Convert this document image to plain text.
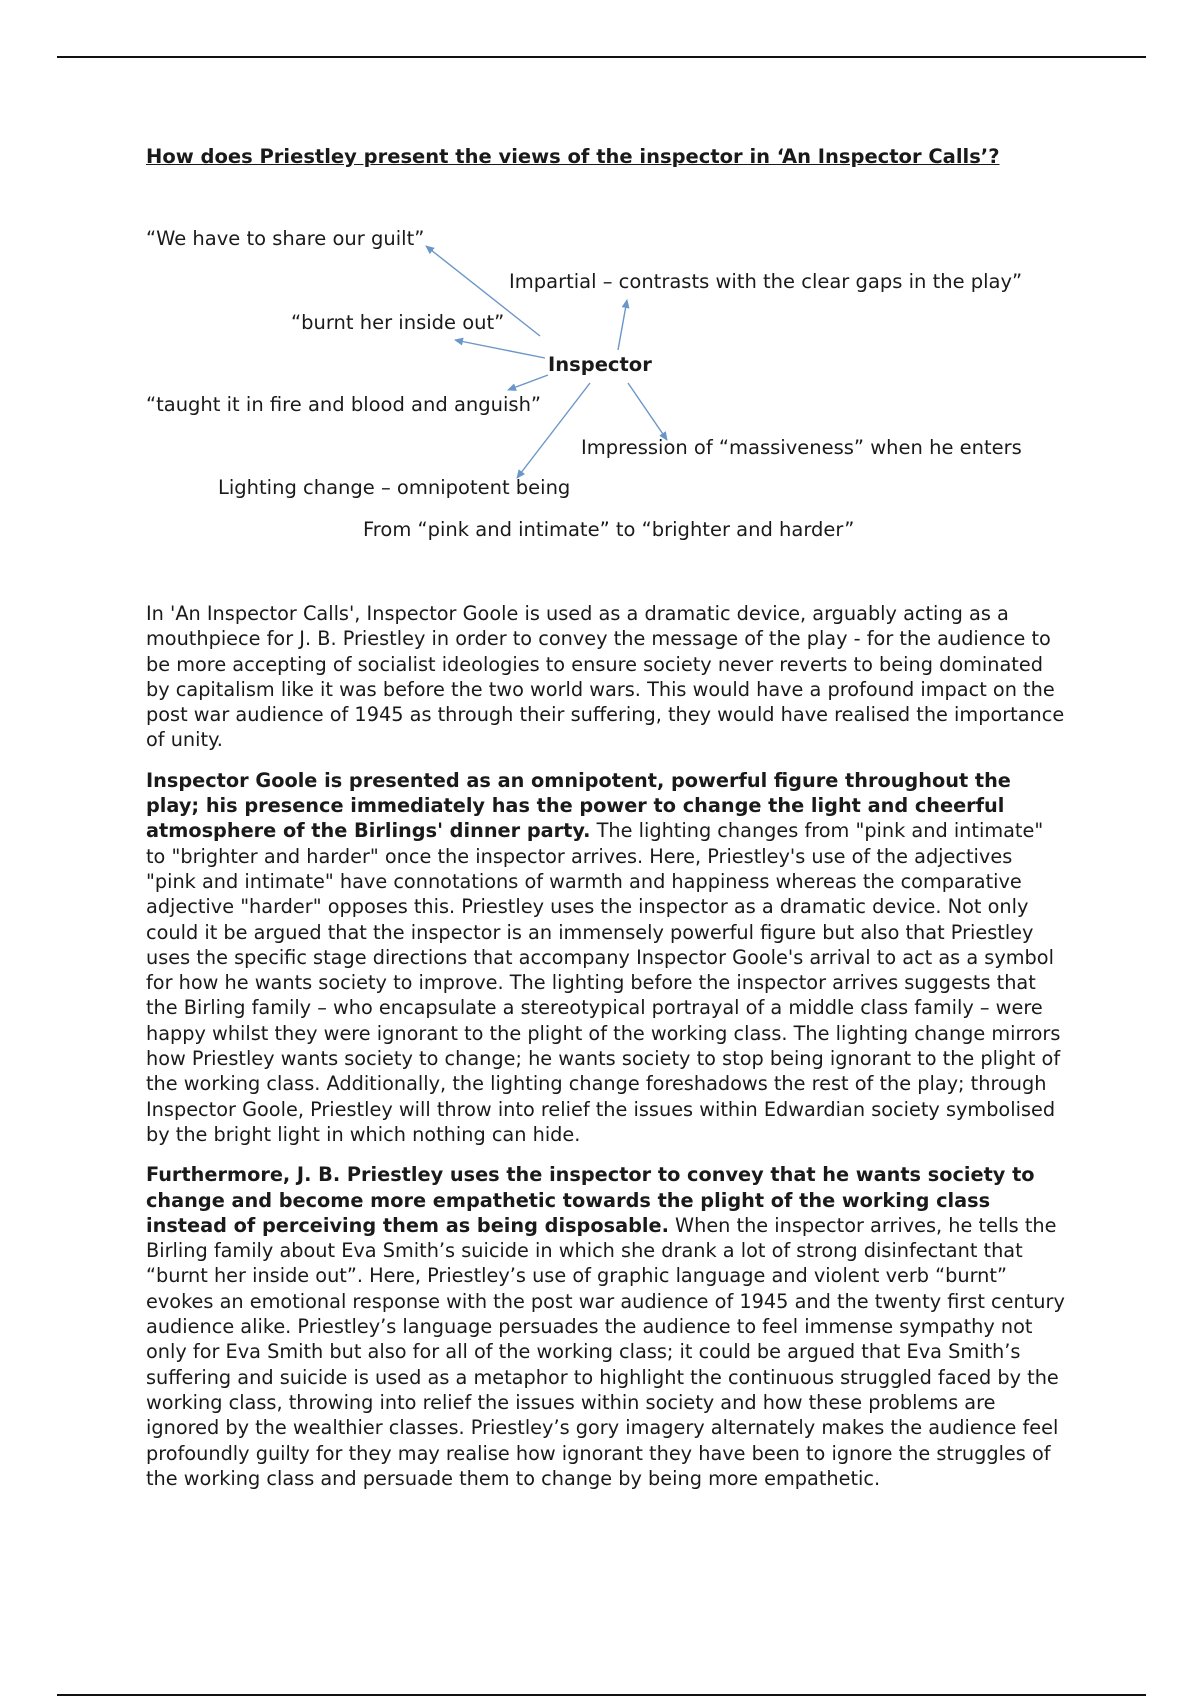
How does Priestley present the views of the inspector in ‘An Inspector Calls’?
Inspector
“We have to share our guilt”
Impartial – contrasts with the clear gaps in the play”
“burnt her inside out”
“taught it in fire and blood and anguish”
Impression of “massiveness” when he enters
Lighting change – omnipotent being
From “pink and intimate” to “brighter and harder”

In 'An Inspector Calls', Inspector Goole is used as a dramatic device, arguably acting as a mouthpiece for J. B. Priestley in order to convey the message of the play - for the audience to be more accepting of socialist ideologies to ensure society never reverts to being dominated by capitalism like it was before the two world wars. This would have a profound impact on the post war audience of 1945 as through their suffering, they would have realised the importance of unity.

Inspector Goole is presented as an omnipotent, powerful figure throughout the play; his presence immediately has the power to change the light and cheerful atmosphere of the Birlings' dinner party. The lighting changes from "pink and intimate" to "brighter and harder" once the inspector arrives. Here, Priestley's use of the adjectives "pink and intimate" have connotations of warmth and happiness whereas the comparative adjective "harder" opposes this. Priestley uses the inspector as a dramatic device. Not only could it be argued that the inspector is an immensely powerful figure but also that Priestley uses the specific stage directions that accompany Inspector Goole's arrival to act as a symbol for how he wants society to improve. The lighting before the inspector arrives suggests that the Birling family – who encapsulate a stereotypical portrayal of a middle class family – were happy whilst they were ignorant to the plight of the working class. The lighting change mirrors how Priestley wants society to change; he wants society to stop being ignorant to the plight of the working class. Additionally, the lighting change foreshadows the rest of the play; through Inspector Goole, Priestley will throw into relief the issues within Edwardian society symbolised by the bright light in which nothing can hide.

Furthermore, J. B. Priestley uses the inspector to convey that he wants society to change and become more empathetic towards the plight of the working class instead of perceiving them as being disposable. When the inspector arrives, he tells the Birling family about Eva Smith’s suicide in which she drank a lot of strong disinfectant that “burnt her inside out”. Here, Priestley’s use of graphic language and violent verb “burnt” evokes an emotional response with the post war audience of 1945 and the twenty first century audience alike. Priestley’s language persuades the audience to feel immense sympathy not only for Eva Smith but also for all of the working class; it could be argued that Eva Smith’s suffering and suicide is used as a metaphor to highlight the continuous struggled faced by the working class, throwing into relief the issues within society and how these problems are ignored by the wealthier classes. Priestley’s gory imagery alternately makes the audience feel profoundly guilty for they may realise how ignorant they have been to ignore the struggles of the working class and persuade them to change by being more empathetic.
